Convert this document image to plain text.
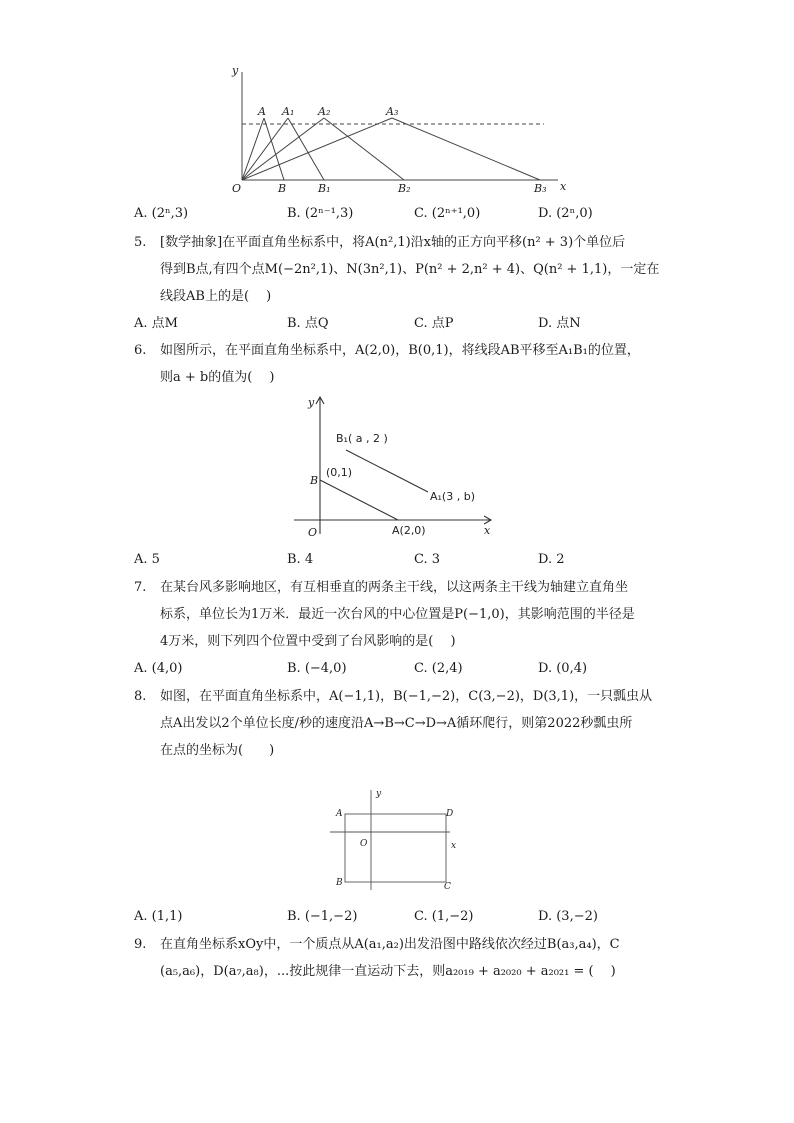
y
A A₁ A₂	A₃
O	B	B₁	B₂	B₃ x
A. (2ⁿ,3)	B. (2ⁿ⁻¹,3)	C. (2ⁿ⁺¹,0)	D. (2ⁿ,0)
5. [数学抽象]在平面直角坐标系中，将A(n²,1)沿x轴的正方向平移(n² + 3)个单位后
得到B点,有四个点M(−2n²,1)、N(3n²,1)、P(n² + 2,n² + 4)、Q(n² + 1,1)，一定在
线段AB上的是(　 )
A. 点M	B. 点Q	C. 点P	D. 点N
6. 如图所示，在平面直角坐标系中，A(2,0)，B(0,1)，将线段AB平移至A₁B₁的位置，
则a + b的值为(　 )
y
x
O
B
(0,1)
B₁( a , 2 )
A₁(3 , b)
A(2,0)
A. 5	B. 4	C. 3	D. 2
7. 在某台风多影响地区，有互相垂直的两条主干线，以这两条主干线为轴建立直角坐
标系，单位长为1万米．最近一次台风的中心位置是P(−1,0)，其影响范围的半径是
4万米，则下列四个位置中受到了台风影响的是(　 )
A. (4,0)	B. (−4,0)	C. (2,4)	D. (0,4)
8. 如图，在平面直角坐标系中，A(−1,1)，B(−1,−2)，C(3,−2)，D(3,1)，一只瓢虫从
点A出发以2个单位长度/秒的速度沿A→B→C→D→A循环爬行，则第2022秒瓢虫所
在点的坐标为(　　)
A	D
B	C
O	x
y
A. (1,1)	B. (−1,−2)	C. (1,−2)	D. (3,−2)
9. 在直角坐标系xOy中，一个质点从A(a₁,a₂)出发沿图中路线依次经过B(a₃,a₄)，C
(a₅,a₆)，D(a₇,a₈)，...按此规律一直运动下去，则a₂₀₁₉ + a₂₀₂₀ + a₂₀₂₁ = (　 )
